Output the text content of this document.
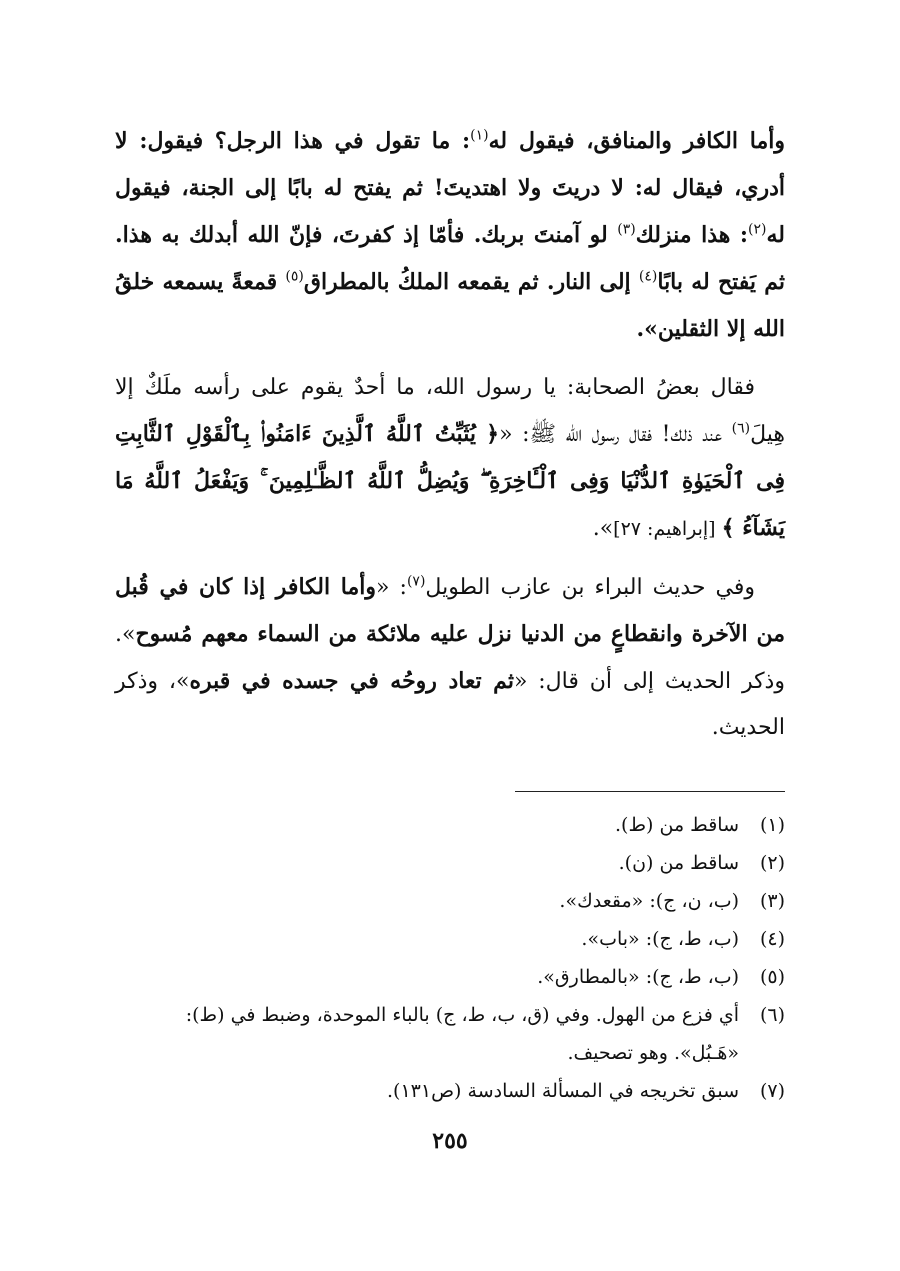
وأما الكافر والمنافق، فيقول له$^{(١)}$: ما تقول في هذا الرجل؟ فيقول: لا أدري، فيقال له: لا دريتَ ولا اهتديتَ! ثم يفتح له بابًا إلى الجنة، فيقول له$^{(٢)}$: هذا منزلك$^{(٣)}$ لو آمنتَ بربك. فأمّا إذ كفرتَ، فإنّ الله أبدلك به هذا. ثم يَفتح له بابًا$^{(٤)}$ إلى النار. ثم يقمعه الملكُ بالمطراق$^{(٥)}$ قمعةً يسمعه خلقُ الله إلا الثقلين».

فقال بعضُ الصحابة: يا رسول الله، ما أحدٌ يقوم على رأسه ملَكٌ إلا هِيلَ$^{(٦)}$ عند ذلك! فقال رسول الله ﷺ: «﴿ يُثَبِّتُ ٱللَّهُ ٱلَّذِينَ ءَامَنُوا۟ بِٱلْقَوْلِ ٱلثَّابِتِ فِى ٱلْحَيَوٰةِ ٱلدُّنْيَا وَفِى ٱلْـَٔاخِرَةِ ۖ وَيُضِلُّ ٱللَّهُ ٱلظَّـٰلِمِينَ ۚ وَيَفْعَلُ ٱللَّهُ مَا يَشَآءُ ﴾ [إبراهيم: ٢٧]».

وفي حديث البراء بن عازب الطويل$^{(٧)}$: «وأما الكافر إذا كان في قُبل من الآخرة وانقطاعٍ من الدنيا نزل عليه ملائكة من السماء معهم مُسوح». وذكر الحديث إلى أن قال: «ثم تعاد روحُه في جسده في قبره»، وذكر الحديث.

(١)
ساقط من (ط).
(٢)
ساقط من (ن).
(٣)
(ب، ن، ج): «مقعدك».
(٤)
(ب، ط، ج): «باب».
(٥)
(ب، ط، ج): «بالمطارق».
(٦)
أي فزع من الهول. وفي (ق، ب، ط، ج) بالباء الموحدة، وضبط في (ط): «هَـبُل». وهو تصحيف.
(٧)
سبق تخريجه في المسألة السادسة (ص١٣١).
٢٥٥
